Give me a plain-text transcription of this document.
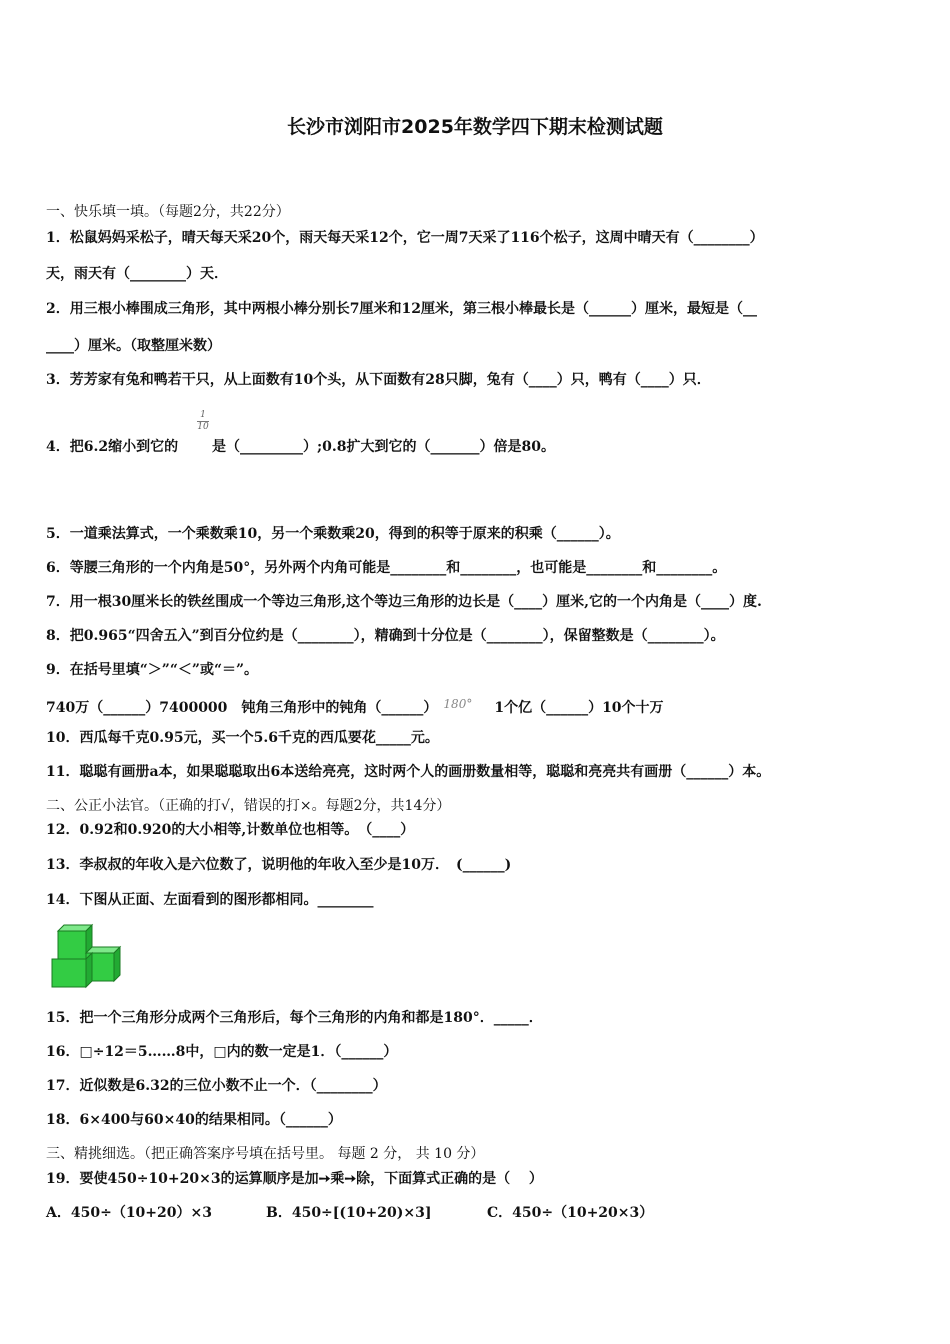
长沙市浏阳市2025年数学四下期末检测试题
一、快乐填一填。（每题2分，共22分）
1．松鼠妈妈采松子，晴天每天采20个，雨天每天采12个，它一周7天采了116个松子，这周中晴天有（________）
天，雨天有（________）天．
2．用三根小棒围成三角形，其中两根小棒分别长7厘米和12厘米，第三根小棒最长是（______）厘米，最短是（__
____）厘米。（取整厘米数）
3．芳芳家有兔和鸭若干只，从上面数有10个头，从下面数有28只脚，兔有（____）只，鸭有（____）只．
4．把6.2缩小到它的
1
10
是（_________）;0.8扩大到它的（_______）倍是80。
5．一道乘法算式，一个乘数乘10，另一个乘数乘20，得到的积等于原来的积乘（______）。
6．等腰三角形的一个内角是50°，另外两个内角可能是________和________，也可能是________和________。
7．用一根30厘米长的铁丝围成一个等边三角形,这个等边三角形的边长是（____）厘米,它的一个内角是（____）度.
8．把0.965“四舍五入”到百分位约是（________），精确到十分位是（________），保留整数是（________）。
9．在括号里填“＞”“＜”或“＝”。
740万（______）7400000　钝角三角形中的钝角（______） 180° 1个亿（______）10个十万
10．西瓜每千克0.95元，买一个5.6千克的西瓜要花_____元。
11．聪聪有画册a本，如果聪聪取出6本送给亮亮，这时两个人的画册数量相等，聪聪和亮亮共有画册（______）本。
二、公正小法官。（正确的打√，错误的打×。每题2分，共14分）
12．0.92和0.920的大小相等,计数单位也相等。　（____）
13．李叔叔的年收入是六位数了，说明他的年收入至少是10万．　(______)
14．下图从正面、左面看到的图形都相同。________
15．把一个三角形分成两个三角形后，每个三角形的内角和都是180°．_____．
16．□÷12＝5……8中，□内的数一定是1．（______）
17．近似数是6.32的三位小数不止一个．（________）
18．6×400与60×40的结果相同。（______）
三、精挑细选。（把正确答案序号填在括号里。 每题 2 分， 共 10 分）
19．要使450÷10+20×3的运算顺序是加➙乘➙除，下面算式正确的是（　 ）
A．450÷（10+20）×3	B．450÷[(10+20)×3]	C．450÷（10+20×3）
